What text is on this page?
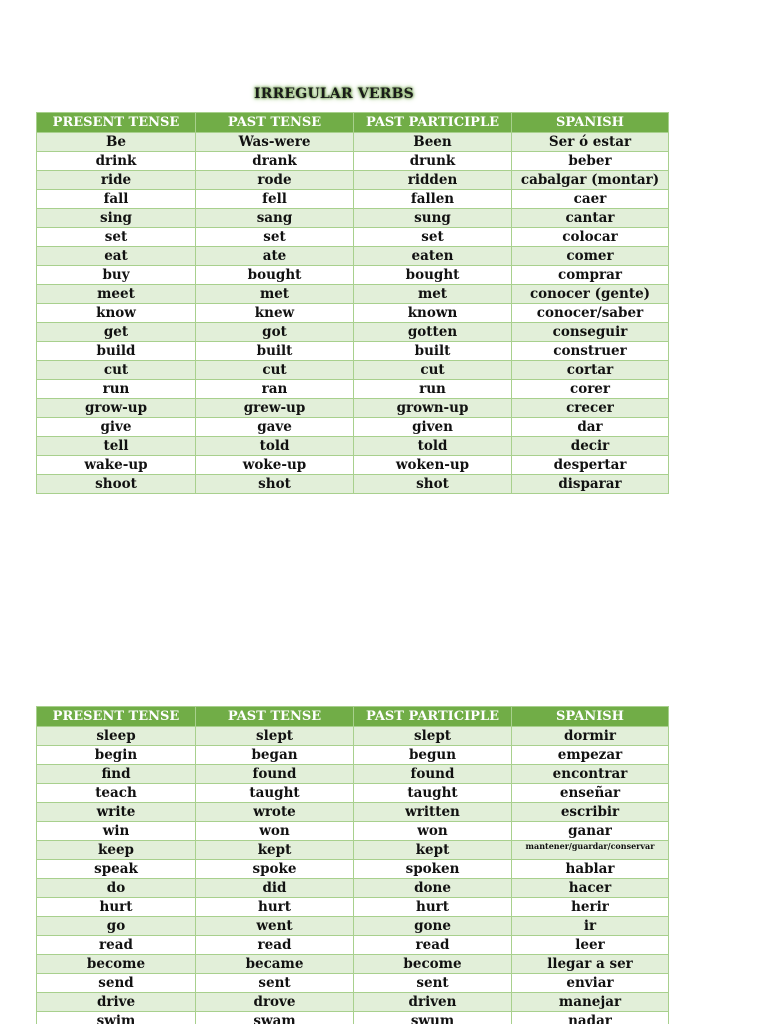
IRREGULAR VERBS
PRESENT TENSE	PAST TENSE	PAST PARTICIPLE	SPANISH
Be	Was-were	Been	Ser ó estar
drink	drank	drunk	beber
ride	rode	ridden	cabalgar (montar)
fall	fell	fallen	caer
sing	sang	sung	cantar
set	set	set	colocar
eat	ate	eaten	comer
buy	bought	bought	comprar
meet	met	met	conocer (gente)
know	knew	known	conocer/saber
get	got	gotten	conseguir
build	built	built	construer
cut	cut	cut	cortar
run	ran	run	corer
grow-up	grew-up	grown-up	crecer
give	gave	given	dar
tell	told	told	decir
wake-up	woke-up	woken-up	despertar
shoot	shot	shot	disparar
PRESENT TENSE	PAST TENSE	PAST PARTICIPLE	SPANISH
sleep	slept	slept	dormir
begin	began	begun	empezar
find	found	found	encontrar
teach	taught	taught	enseñar
write	wrote	written	escribir
win	won	won	ganar
keep	kept	kept	mantener/guardar/conservar
speak	spoke	spoken	hablar
do	did	done	hacer
hurt	hurt	hurt	herir
go	went	gone	ir
read	read	read	leer
become	became	become	llegar a ser
send	sent	sent	enviar
drive	drove	driven	manejar
swim	swam	swum	nadar
